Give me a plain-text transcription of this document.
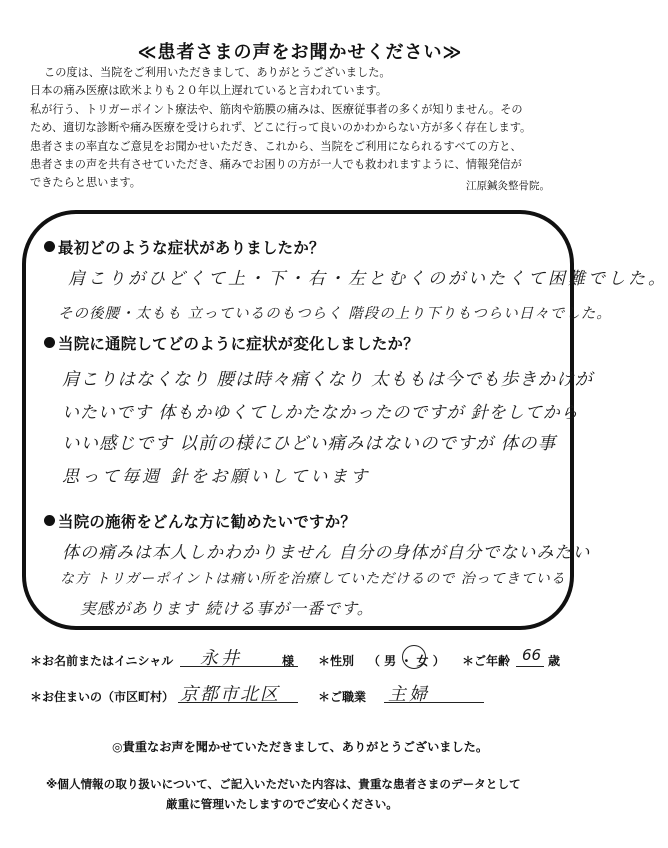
≪患者さまの声をお聞かせください≫

この度は、当院をご利用いただきまして、ありがとうございました。

日本の痛み医療は欧米よりも２０年以上遅れていると言われています。

私が行う、トリガーポイント療法や、筋肉や筋膜の痛みは、医療従事者の多くが知りません。その

ため、適切な診断や痛み医療を受けられず、どこに行って良いのかわからない方が多く存在します。

患者さまの率直なご意見をお聞かせいただき、これから、当院をご利用になられるすべての方と、

患者さまの声を共有させていただき、痛みでお困りの方が一人でも救われますように、情報発信が

できたらと思います。	江原鍼灸整骨院。
最初どのような症状がありましたか？
肩こりがひどくて上・下・右・左とむくのがいたくて困難でした。
その後腰・太もも 立っているのもつらく 階段の上り下りもつらい日々でした。
当院に通院してどのように症状が変化しましたか？
肩こりはなくなり 腰は時々痛くなり 太ももは今でも歩きかけが
いたいです 体もかゆくてしかたなかったのですが 針をしてから
いい感じです 以前の様にひどい痛みはないのですが 体の事
思って毎週 針をお願いしています
当院の施術をどんな方に勧めたいですか？
体の痛みは本人しかわかりません 自分の身体が自分でないみたい
な方 トリガーポイントは痛い所を治療していただけるので 治ってきている
実感があります 続ける事が一番です。
＊お名前またはイニシャル 永井	様 ＊性別 （ 男 ・ 女 ） ＊ご年齢 66 歳
＊お住まいの（市区町村） 京都市北区	＊ご職業 主婦
◎貴重なお声を聞かせていただきまして、ありがとうございました。
※個人情報の取り扱いについて、ご記入いただいた内容は、貴重な患者さまのデータとして
厳重に管理いたしますのでご安心ください。
